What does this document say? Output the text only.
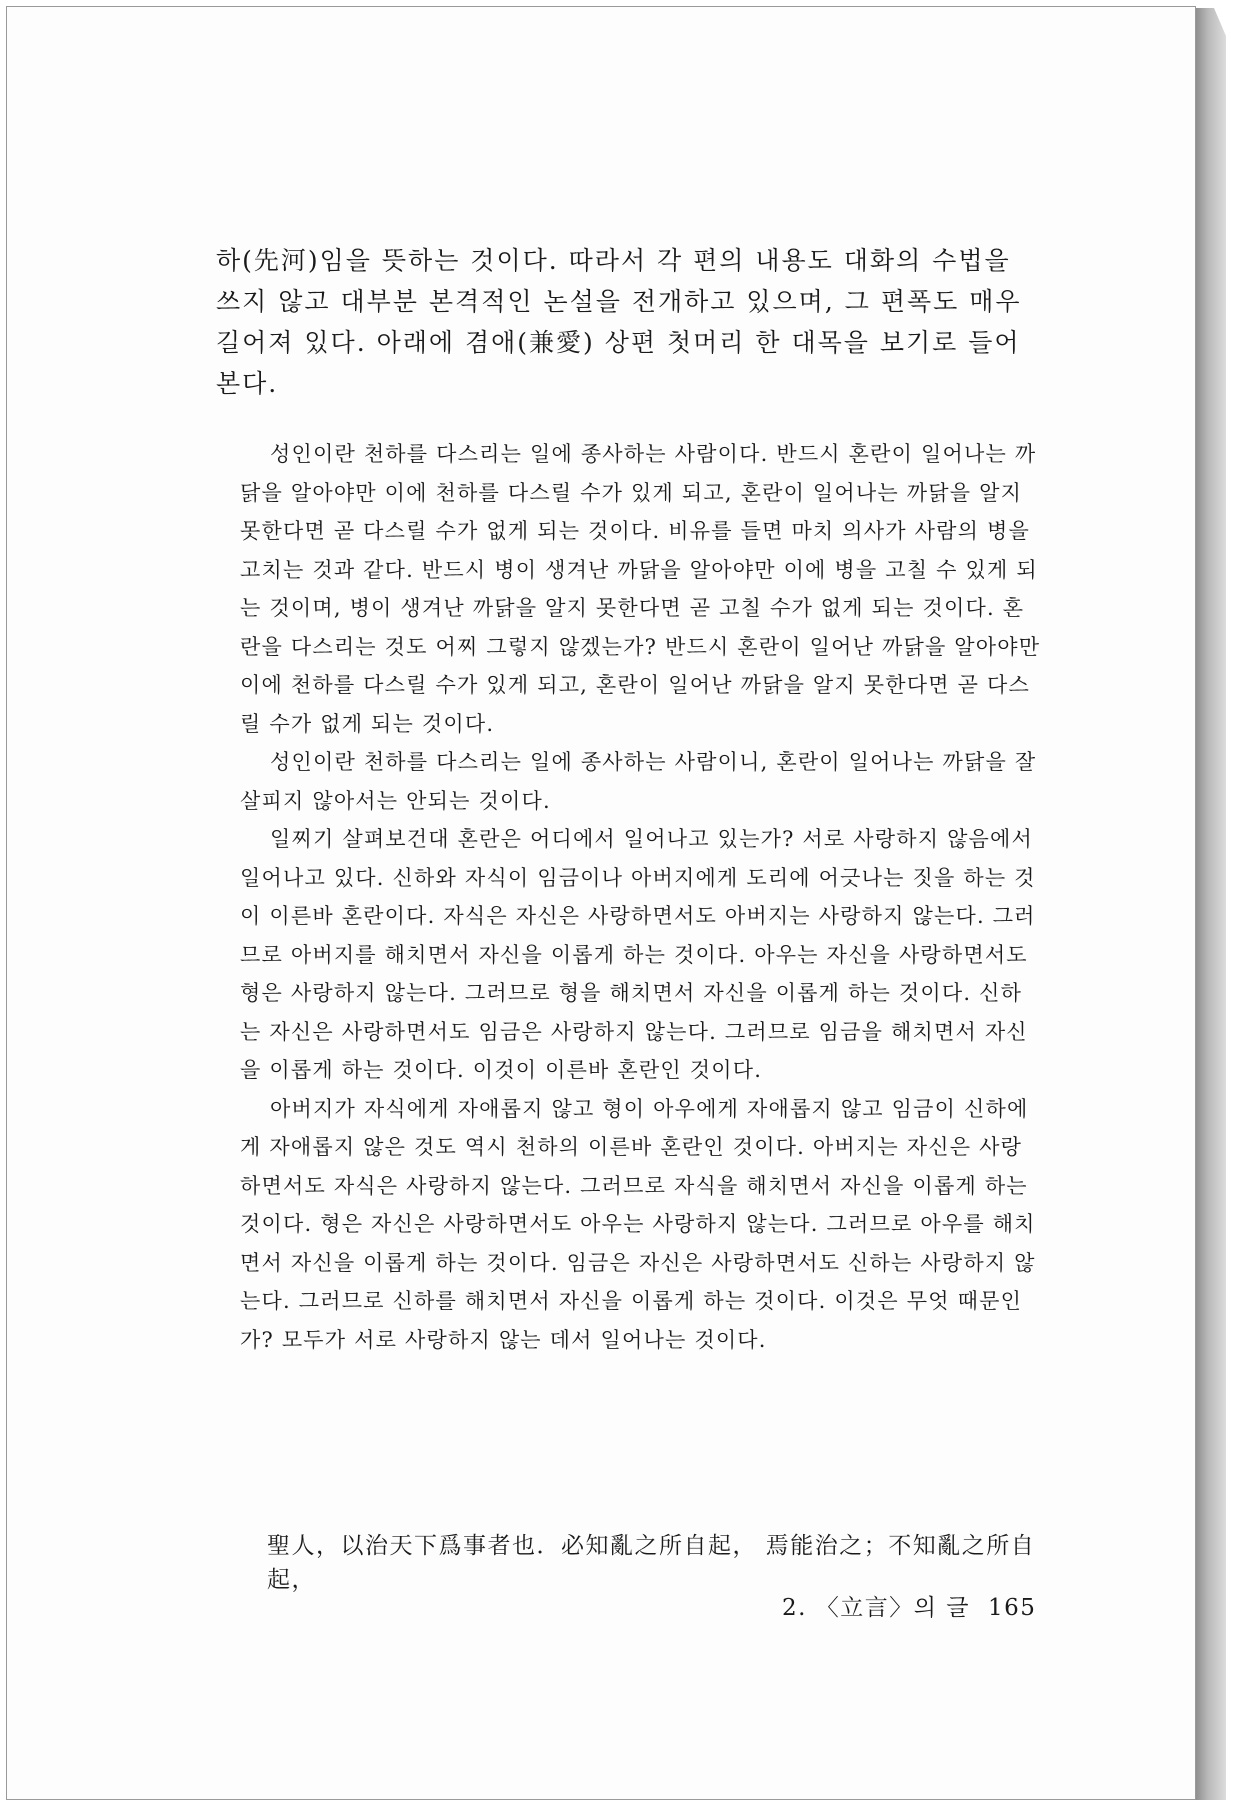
하(先河)임을 뜻하는 것이다. 따라서 각 편의 내용도 대화의 수법을 쓰지 않고 대부분 본격적인 논설을 전개하고 있으며, 그 편폭도 매우 길어져 있다. 아래에 겸애(兼愛) 상편 첫머리 한 대목을 보기로 들어 본다.

성인이란 천하를 다스리는 일에 종사하는 사람이다. 반드시 혼란이 일어나는 까닭을 알아야만 이에 천하를 다스릴 수가 있게 되고, 혼란이 일어나는 까닭을 알지 못한다면 곧 다스릴 수가 없게 되는 것이다. 비유를 들면 마치 의사가 사람의 병을 고치는 것과 같다. 반드시 병이 생겨난 까닭을 알아야만 이에 병을 고칠 수 있게 되는 것이며, 병이 생겨난 까닭을 알지 못한다면 곧 고칠 수가 없게 되는 것이다. 혼란을 다스리는 것도 어찌 그렇지 않겠는가? 반드시 혼란이 일어난 까닭을 알아야만 이에 천하를 다스릴 수가 있게 되고, 혼란이 일어난 까닭을 알지 못한다면 곧 다스릴 수가 없게 되는 것이다.

성인이란 천하를 다스리는 일에 종사하는 사람이니, 혼란이 일어나는 까닭을 잘 살피지 않아서는 안되는 것이다.

일찌기 살펴보건대 혼란은 어디에서 일어나고 있는가? 서로 사랑하지 않음에서 일어나고 있다. 신하와 자식이 임금이나 아버지에게 도리에 어긋나는 짓을 하는 것이 이른바 혼란이다. 자식은 자신은 사랑하면서도 아버지는 사랑하지 않는다. 그러므로 아버지를 해치면서 자신을 이롭게 하는 것이다. 아우는 자신을 사랑하면서도 형은 사랑하지 않는다. 그러므로 형을 해치면서 자신을 이롭게 하는 것이다. 신하는 자신은 사랑하면서도 임금은 사랑하지 않는다. 그러므로 임금을 해치면서 자신을 이롭게 하는 것이다. 이것이 이른바 혼란인 것이다.

아버지가 자식에게 자애롭지 않고 형이 아우에게 자애롭지 않고 임금이 신하에게 자애롭지 않은 것도 역시 천하의 이른바 혼란인 것이다. 아버지는 자신은 사랑하면서도 자식은 사랑하지 않는다. 그러므로 자식을 해치면서 자신을 이롭게 하는 것이다. 형은 자신은 사랑하면서도 아우는 사랑하지 않는다. 그러므로 아우를 해치면서 자신을 이롭게 하는 것이다. 임금은 자신은 사랑하면서도 신하는 사랑하지 않는다. 그러므로 신하를 해치면서 자신을 이롭게 하는 것이다. 이것은 무엇 때문인가? 모두가 서로 사랑하지 않는 데서 일어나는 것이다.

聖人，以治天下爲事者也．必知亂之所自起， 焉能治之；不知亂之所自起，
2. 〈立言〉의 글 165
